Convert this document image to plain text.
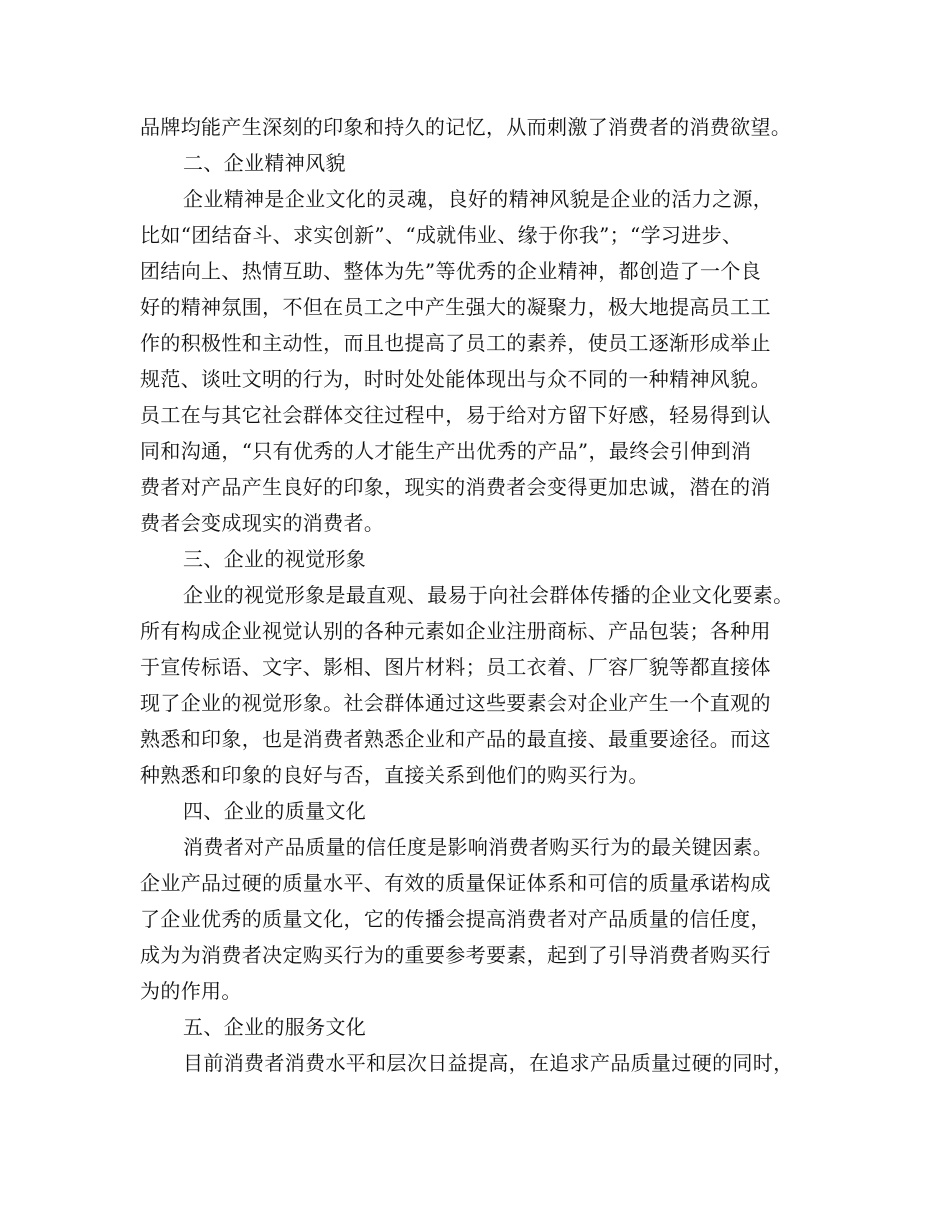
品牌均能产生深刻的印象和持久的记忆，从而刺激了消费者的消费欲望。
二、企业精神风貌
企业精神是企业文化的灵魂，良好的精神风貌是企业的活力之源，
比如“团结奋斗、求实创新”、“成就伟业、缘于你我”；“学习进步、
团结向上、热情互助、整体为先”等优秀的企业精神，都创造了一个良
好的精神氛围，不但在员工之中产生强大的凝聚力，极大地提高员工工
作的积极性和主动性，而且也提高了员工的素养，使员工逐渐形成举止
规范、谈吐文明的行为，时时处处能体现出与众不同的一种精神风貌。
员工在与其它社会群体交往过程中，易于给对方留下好感，轻易得到认
同和沟通，“只有优秀的人才能生产出优秀的产品”，最终会引伸到消
费者对产品产生良好的印象，现实的消费者会变得更加忠诚，潜在的消
费者会变成现实的消费者。
三、企业的视觉形象
企业的视觉形象是最直观、最易于向社会群体传播的企业文化要素。
所有构成企业视觉认别的各种元素如企业注册商标、产品包装；各种用
于宣传标语、文字、影相、图片材料；员工衣着、厂容厂貌等都直接体
现了企业的视觉形象。社会群体通过这些要素会对企业产生一个直观的
熟悉和印象，也是消费者熟悉企业和产品的最直接、最重要途径。而这
种熟悉和印象的良好与否，直接关系到他们的购买行为。
四、企业的质量文化
消费者对产品质量的信任度是影响消费者购买行为的最关键因素。
企业产品过硬的质量水平、有效的质量保证体系和可信的质量承诺构成
了企业优秀的质量文化，它的传播会提高消费者对产品质量的信任度，
成为为消费者决定购买行为的重要参考要素，起到了引导消费者购买行
为的作用。
五、企业的服务文化
目前消费者消费水平和层次日益提高，在追求产品质量过硬的同时，
